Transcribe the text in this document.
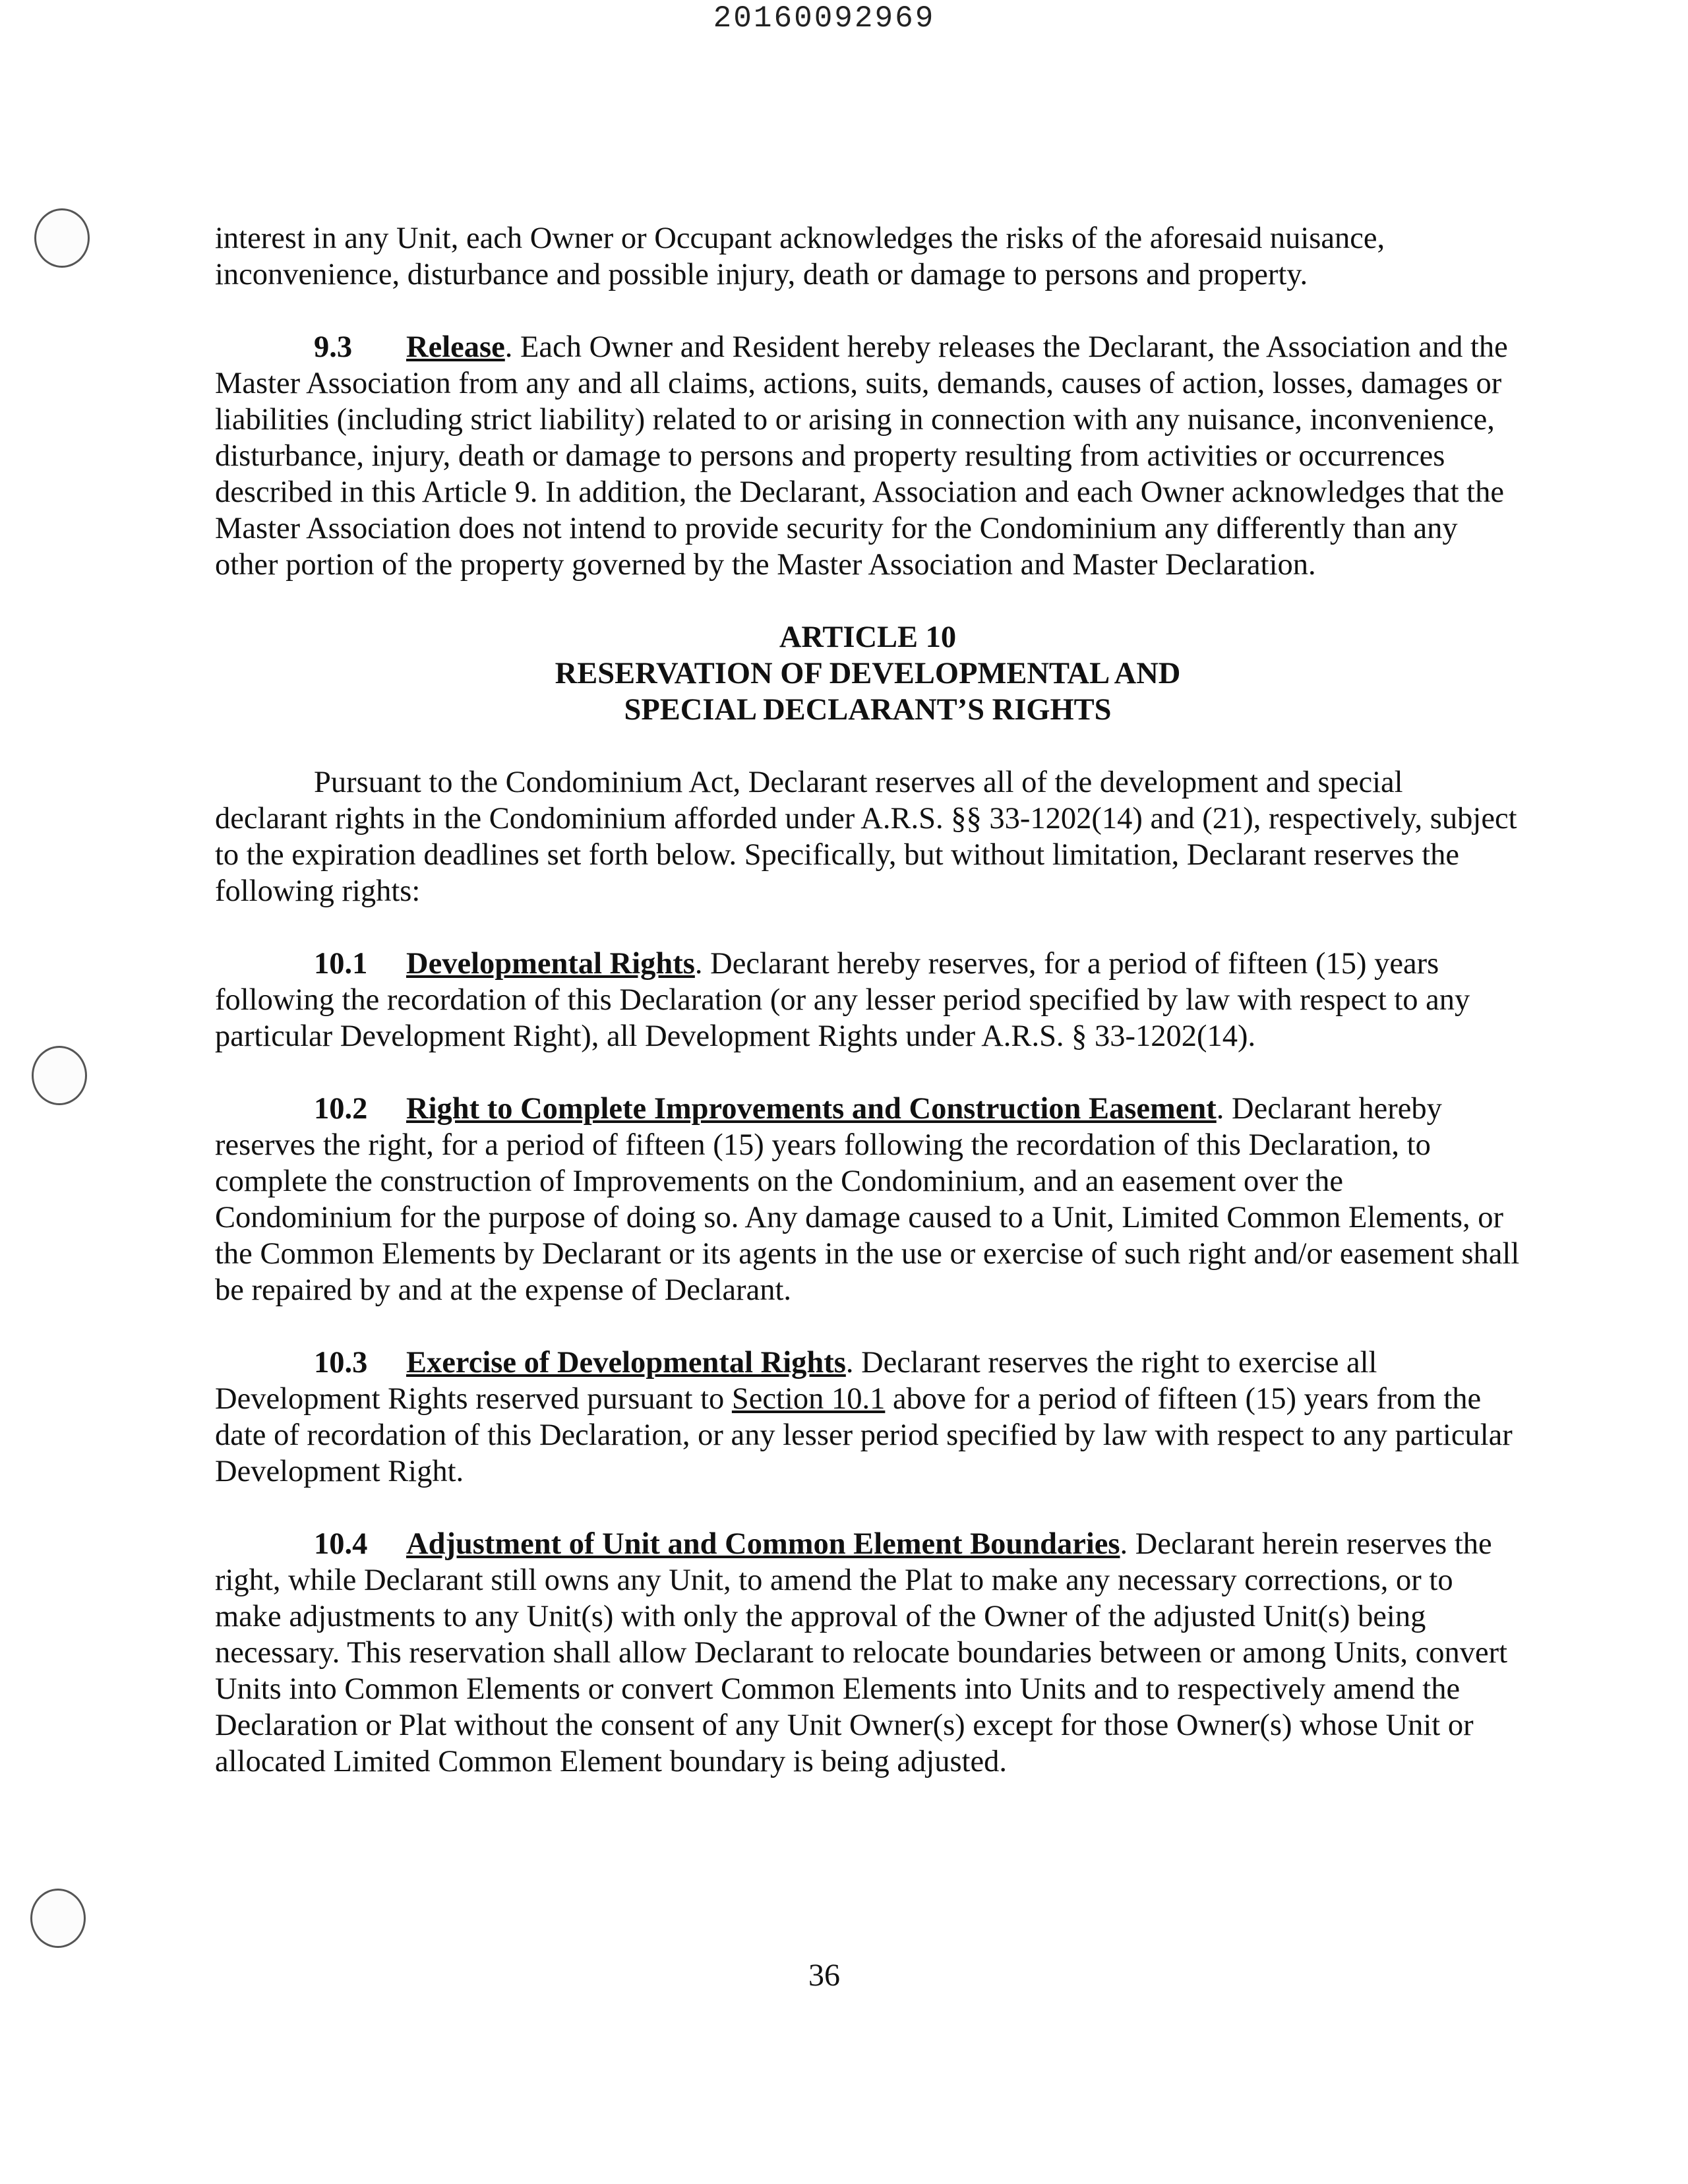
20160092969

interest in any Unit, each Owner or Occupant acknowledges the risks of the aforesaid nuisance, inconvenience, disturbance and possible injury, death or damage to persons and property.

9.3 Release. Each Owner and Resident hereby releases the Declarant, the Association and the Master Association from any and all claims, actions, suits, demands, causes of action, losses, damages or liabilities (including strict liability) related to or arising in connection with any nuisance, inconvenience, disturbance, injury, death or damage to persons and property resulting from activities or occurrences described in this Article 9. In addition, the Declarant, Association and each Owner acknowledges that the Master Association does not intend to provide security for the Condominium any differently than any other portion of the property governed by the Master Association and Master Declaration.

ARTICLE 10
RESERVATION OF DEVELOPMENTAL AND
SPECIAL DECLARANT’S RIGHTS

Pursuant to the Condominium Act, Declarant reserves all of the development and special declarant rights in the Condominium afforded under A.R.S. §§ 33-1202(14) and (21), respectively, subject to the expiration deadlines set forth below. Specifically, but without limitation, Declarant reserves the following rights:

10.1 Developmental Rights. Declarant hereby reserves, for a period of fifteen (15) years following the recordation of this Declaration (or any lesser period specified by law with respect to any particular Development Right), all Development Rights under A.R.S. § 33-1202(14).

10.2 Right to Complete Improvements and Construction Easement. Declarant hereby reserves the right, for a period of fifteen (15) years following the recordation of this Declaration, to complete the construction of Improvements on the Condominium, and an easement over the Condominium for the purpose of doing so. Any damage caused to a Unit, Limited Common Elements, or the Common Elements by Declarant or its agents in the use or exercise of such right and/or easement shall be repaired by and at the expense of Declarant.

10.3 Exercise of Developmental Rights. Declarant reserves the right to exercise all Development Rights reserved pursuant to Section 10.1 above for a period of fifteen (15) years from the date of recordation of this Declaration, or any lesser period specified by law with respect to any particular Development Right.

10.4 Adjustment of Unit and Common Element Boundaries. Declarant herein reserves the right, while Declarant still owns any Unit, to amend the Plat to make any necessary corrections, or to make adjustments to any Unit(s) with only the approval of the Owner of the adjusted Unit(s) being necessary. This reservation shall allow Declarant to relocate boundaries between or among Units, convert Units into Common Elements or convert Common Elements into Units and to respectively amend the Declaration or Plat without the consent of any Unit Owner(s) except for those Owner(s) whose Unit or allocated Limited Common Element boundary is being adjusted.

36
